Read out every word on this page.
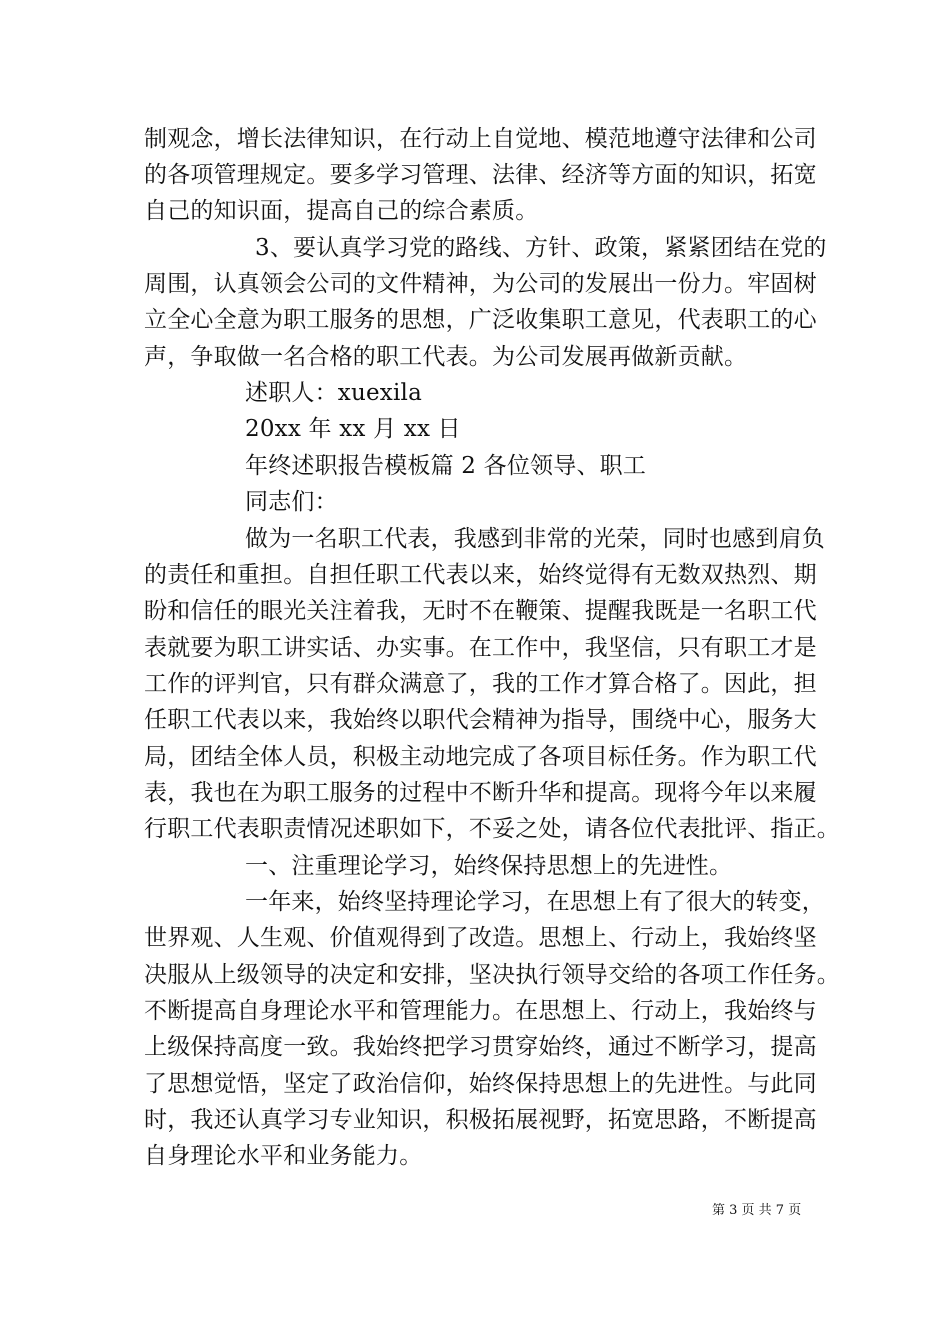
制观念，增长法律知识，在行动上自觉地、模范地遵守法律和公司
的各项管理规定。要多学习管理、法律、经济等方面的知识，拓宽
自己的知识面，提高自己的综合素质。
3、要认真学习党的路线、方针、政策，紧紧团结在党的
周围，认真领会公司的文件精神，为公司的发展出一份力。牢固树
立全心全意为职工服务的思想，广泛收集职工意见，代表职工的心
声，争取做一名合格的职工代表。为公司发展再做新贡献。
述职人：xuexila
20xx 年 xx 月 xx 日
年终述职报告模板篇 2 各位领导、职工
同志们：
做为一名职工代表，我感到非常的光荣，同时也感到肩负
的责任和重担。自担任职工代表以来，始终觉得有无数双热烈、期
盼和信任的眼光关注着我，无时不在鞭策、提醒我既是一名职工代
表就要为职工讲实话、办实事。在工作中，我坚信，只有职工才是
工作的评判官，只有群众满意了，我的工作才算合格了。因此，担
任职工代表以来，我始终以职代会精神为指导，围绕中心，服务大
局，团结全体人员，积极主动地完成了各项目标任务。作为职工代
表，我也在为职工服务的过程中不断升华和提高。现将今年以来履
行职工代表职责情况述职如下，不妥之处，请各位代表批评、指正。
一、注重理论学习，始终保持思想上的先进性。
一年来，始终坚持理论学习，在思想上有了很大的转变，
世界观、人生观、价值观得到了改造。思想上、行动上，我始终坚
决服从上级领导的决定和安排，坚决执行领导交给的各项工作任务。
不断提高自身理论水平和管理能力。在思想上、行动上，我始终与
上级保持高度一致。我始终把学习贯穿始终，通过不断学习，提高
了思想觉悟，坚定了政治信仰，始终保持思想上的先进性。与此同
时，我还认真学习专业知识，积极拓展视野，拓宽思路，不断提高
自身理论水平和业务能力。
第 3 页 共 7 页
